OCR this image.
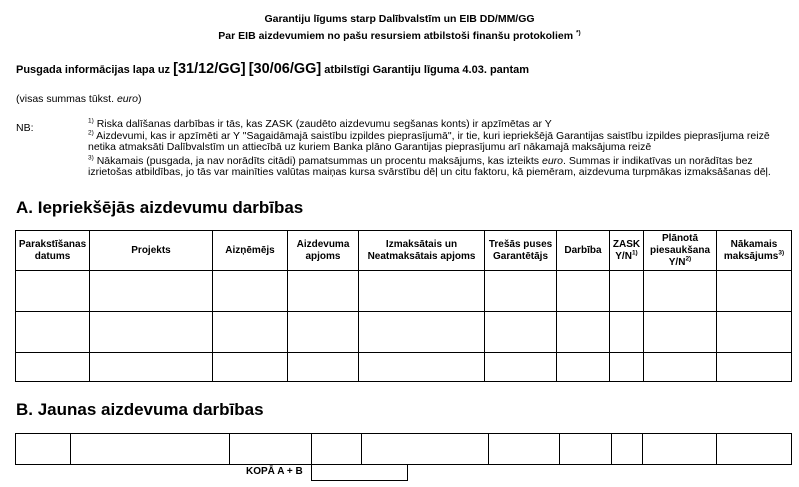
Garantiju līgums starp Dalībvalstīm un EIB DD/MM/GG
Par EIB aizdevumiem no pašu resursiem atbilstoši finanšu protokoliem *)
Pusgada informācijas lapa uz [31/12/GG] [30/06/GG] atbilstīgi Garantiju līguma 4.03. pantam
(visas summas tūkst. euro)
NB:
$^{1)}$ Riska dalīšanas darbības ir tās, kas ZASK (zaudēto aizdevumu segšanas konts) ir apzīmētas ar Y
$^{2)}$ Aizdevumi, kas ir apzīmēti ar Y "Sagaidāmajā saistību izpildes pieprasījumā", ir tie, kuri iepriekšējā Garantijas saistību izpildes pieprasījuma reizē netika atmaksāti Dalībvalstīm un attiecībā uz kuriem Banka plāno Garantijas pieprasījumu arī nākamajā maksājuma reizē
$^{3)}$ Nākamais (pusgada, ja nav norādīts citādi) pamatsummas un procentu maksājums, kas izteikts euro. Summas ir indikatīvas un norādītas bez izrietošas atbildības, jo tās var mainīties valūtas maiņas kursa svārstību dēļ un citu faktoru, kā piemēram, aizdevuma turpmākas izmaksāšanas dēļ.
A. Iepriekšējās aizdevumu darbības
Parakstīšanas datums	Projekts	Aizņēmējs	Aizdevuma apjoms	Izmaksātais un Neatmaksātais apjoms	Trešās puses Garantētājs	Darbība	ZASK $Y/N^{1)}$	Plānotā piesaukšana $Y/N^{2)}$	Nākamais maksājums$^{3)}$

B. Jaunas aizdevuma darbības

KOPĀ A + B
